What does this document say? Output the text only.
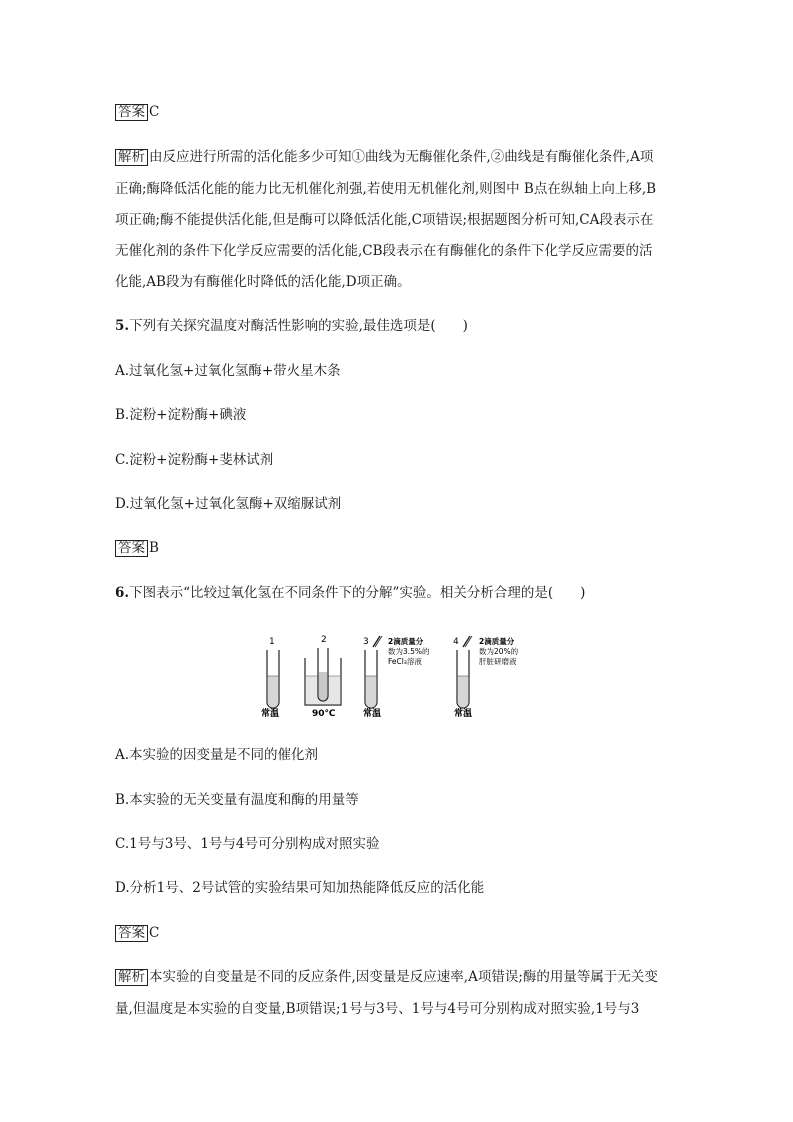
答案 C
解析 由反应进行所需的活化能多少可知①曲线为无酶催化条件,②曲线是有酶催化条件,A项
正确;酶降低活化能的能力比无机催化剂强,若使用无机催化剂,则图中 B点在纵轴上向上移,B
项正确;酶不能提供活化能,但是酶可以降低活化能,C项错误;根据题图分析可知,CA段表示在
无催化剂的条件下化学反应需要的活化能,CB段表示在有酶催化的条件下化学反应需要的活
化能,AB段为有酶催化时降低的活化能,D项正确。
5.下列有关探究温度对酶活性影响的实验,最佳选项是(　　)
A.过氧化氢+过氧化氢酶+带火星木条
B.淀粉+淀粉酶+碘液
C.淀粉+淀粉酶+斐林试剂
D.过氧化氢+过氧化氢酶+双缩脲试剂
答案 B
6.下图表示“比较过氧化氢在不同条件下的分解”实验。相关分析合理的是(　　)
1
常温
2
90℃
3	2滴质量分
数为3.5%的
FeCl₃溶液
常温
4	2滴质量分
数为20%的
肝脏研磨液
常温
A.本实验的因变量是不同的催化剂
B.本实验的无关变量有温度和酶的用量等
C.1号与3号、1号与4号可分别构成对照实验
D.分析1号、2号试管的实验结果可知加热能降低反应的活化能
答案 C
解析 本实验的自变量是不同的反应条件,因变量是反应速率,A项错误;酶的用量等属于无关变
量,但温度是本实验的自变量,B项错误;1号与3号、1号与4号可分别构成对照实验,1号与3
